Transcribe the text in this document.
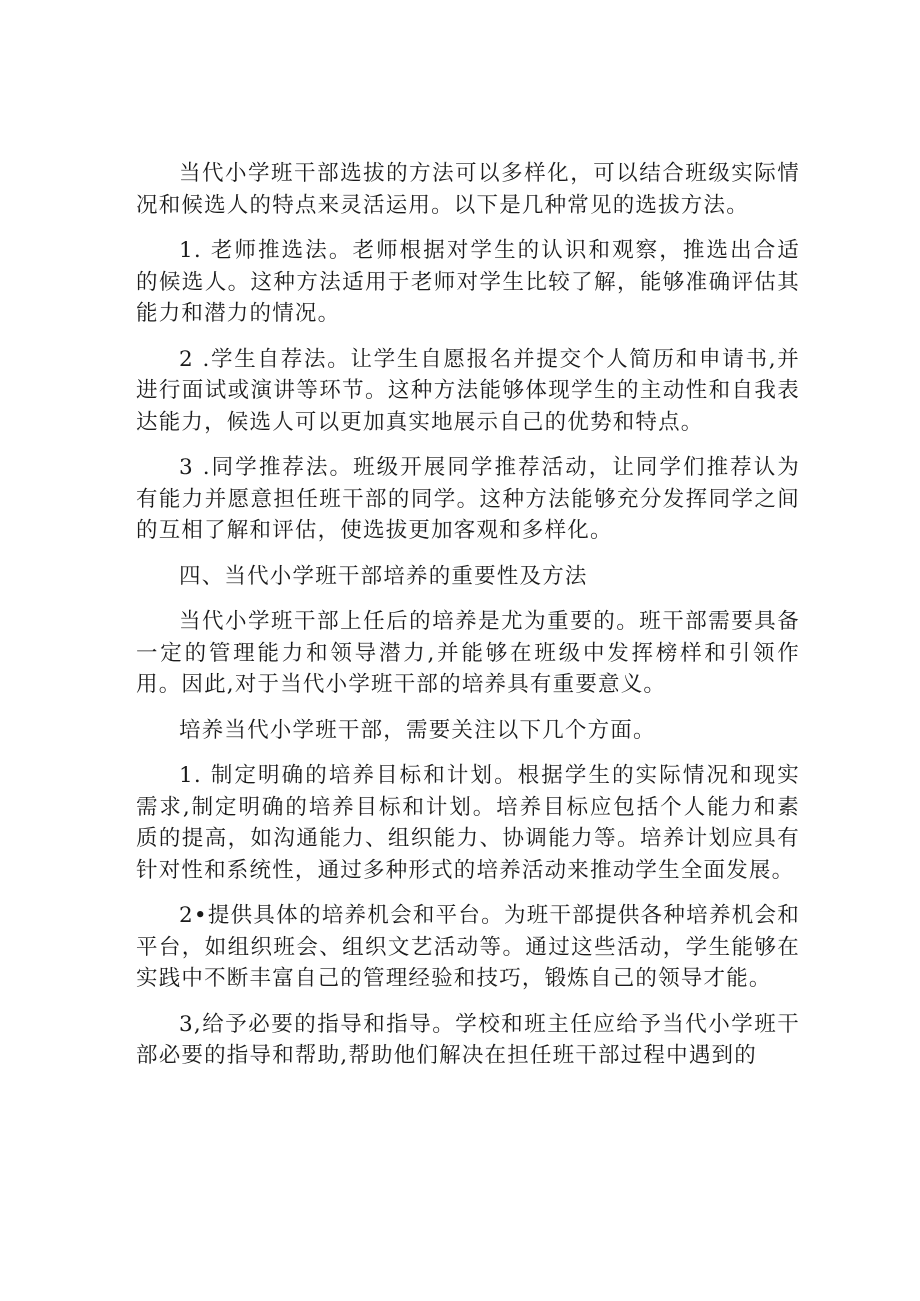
当代小学班干部选拔的方法可以多样化，可以结合班级实际情况和候选人的特点来灵活运用。以下是几种常见的选拔方法。

1. 老师推选法。老师根据对学生的认识和观察，推选出合适的候选人。这种方法适用于老师对学生比较了解，能够准确评估其能力和潜力的情况。

2 .学生自荐法。让学生自愿报名并提交个人简历和申请书,并进行面试或演讲等环节。这种方法能够体现学生的主动性和自我表达能力，候选人可以更加真实地展示自己的优势和特点。

3 .同学推荐法。班级开展同学推荐活动，让同学们推荐认为有能力并愿意担任班干部的同学。这种方法能够充分发挥同学之间的互相了解和评估，使选拔更加客观和多样化。

四、当代小学班干部培养的重要性及方法

当代小学班干部上任后的培养是尤为重要的。班干部需要具备一定的管理能力和领导潜力,并能够在班级中发挥榜样和引领作用。因此,对于当代小学班干部的培养具有重要意义。

培养当代小学班干部，需要关注以下几个方面。

1. 制定明确的培养目标和计划。根据学生的实际情况和现实需求,制定明确的培养目标和计划。培养目标应包括个人能力和素质的提高，如沟通能力、组织能力、协调能力等。培养计划应具有针对性和系统性，通过多种形式的培养活动来推动学生全面发展。

2•提供具体的培养机会和平台。为班干部提供各种培养机会和平台，如组织班会、组织文艺活动等。通过这些活动，学生能够在实践中不断丰富自己的管理经验和技巧，锻炼自己的领导才能。

3,给予必要的指导和指导。学校和班主任应给予当代小学班干部必要的指导和帮助,帮助他们解决在担任班干部过程中遇到的
